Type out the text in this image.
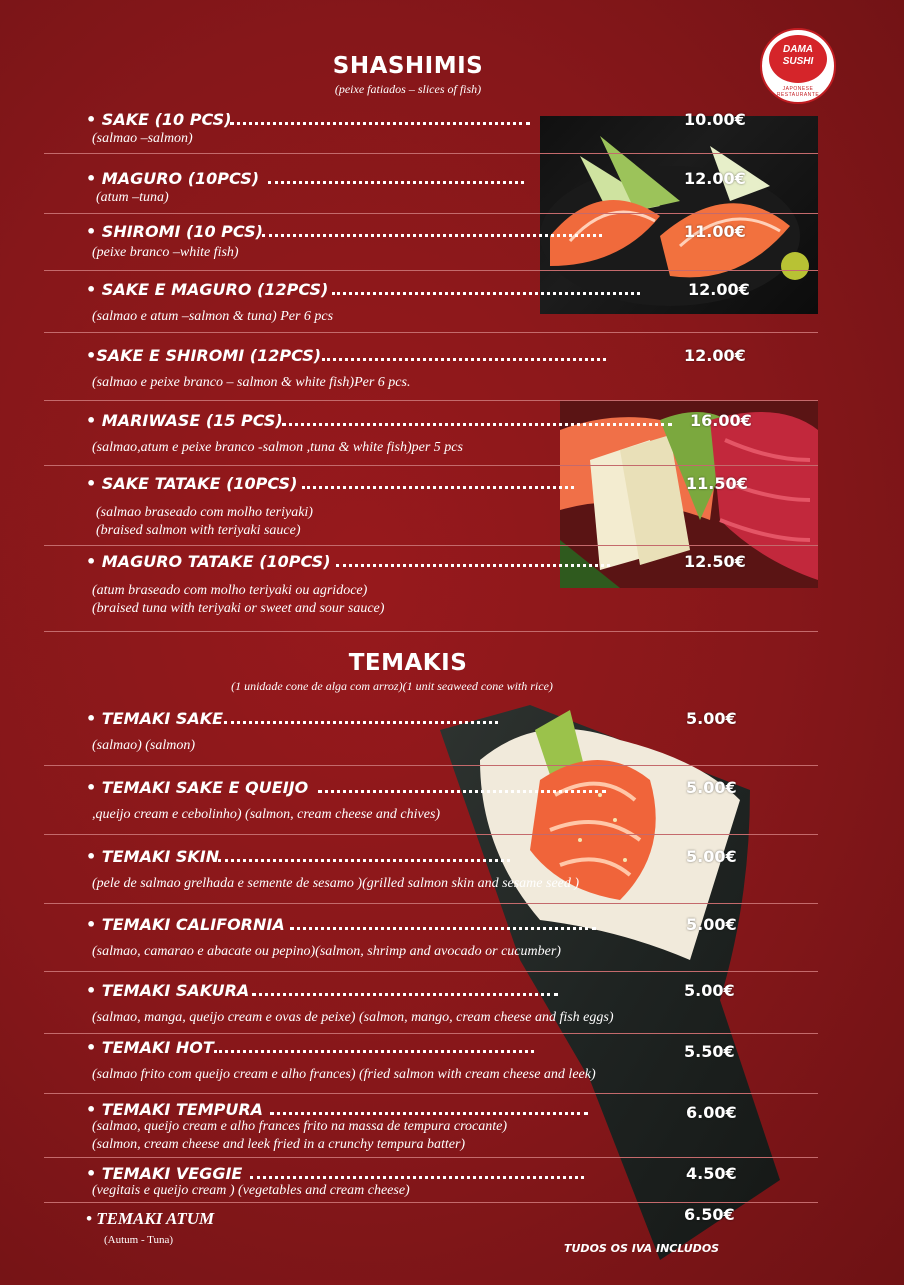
DAMA
SUSHI
JAPONESE RESTAURANTE
SHASHIMIS
(peixe fatiados – slices of fish)
• SAKE (10 PCS)	10.00€
(salmao –salmon)
• MAGURO (10PCS)	12.00€
(atum –tuna)
• SHIROMI (10 PCS)	11.00€
(peixe branco –white fish)
• SAKE E MAGURO (12PCS)	12.00€
(salmao e atum –salmon & tuna) Per 6 pcs
•SAKE E SHIROMI (12PCS)	12.00€
(salmao e peixe branco – salmon & white fish)Per 6 pcs.
• MARIWASE (15 PCS)	16.00€
(salmao,atum e peixe branco -salmon ,tuna & white fish)per 5 pcs
• SAKE TATAKE (10PCS)	11.50€
(salmao braseado com molho teriyaki)
(braised salmon with teriyaki sauce)
• MAGURO TATAKE (10PCS)	12.50€
(atum braseado com molho teriyaki ou agridoce)
(braised tuna with teriyaki or sweet and sour sauce)
TEMAKIS
(1 unidade cone de alga com arroz)(1 unit seaweed cone with rice)
• TEMAKI SAKE	5.00€
(salmao) (salmon)
• TEMAKI SAKE E QUEIJO	5.00€
,queijo cream e cebolinho) (salmon, cream cheese and chives)
• TEMAKI SKIN	5.00€
(pele de salmao grelhada e semente de sesamo )(grilled salmon skin and sesame seed )
• TEMAKI CALIFORNIA	5.00€
(salmao, camarao e abacate ou pepino)(salmon, shrimp and avocado or cucumber)
• TEMAKI SAKURA	5.00€
(salmao, manga, queijo cream e ovas de peixe) (salmon, mango, cream cheese and fish eggs)
• TEMAKI HOT	5.50€
(salmao frito com queijo cream e alho frances) (fried salmon with cream cheese and leek)
• TEMAKI TEMPURA	6.00€
(salmao, queijo cream e alho frances frito na massa de tempura crocante)
(salmon, cream cheese and leek fried in a crunchy tempura batter)
• TEMAKI VEGGIE	4.50€
(vegitais e queijo cream ) (vegetables and cream cheese)
• TEMAKI ATUM	6.50€
(Autum - Tuna)
TUDOS OS IVA INCLUDOS
